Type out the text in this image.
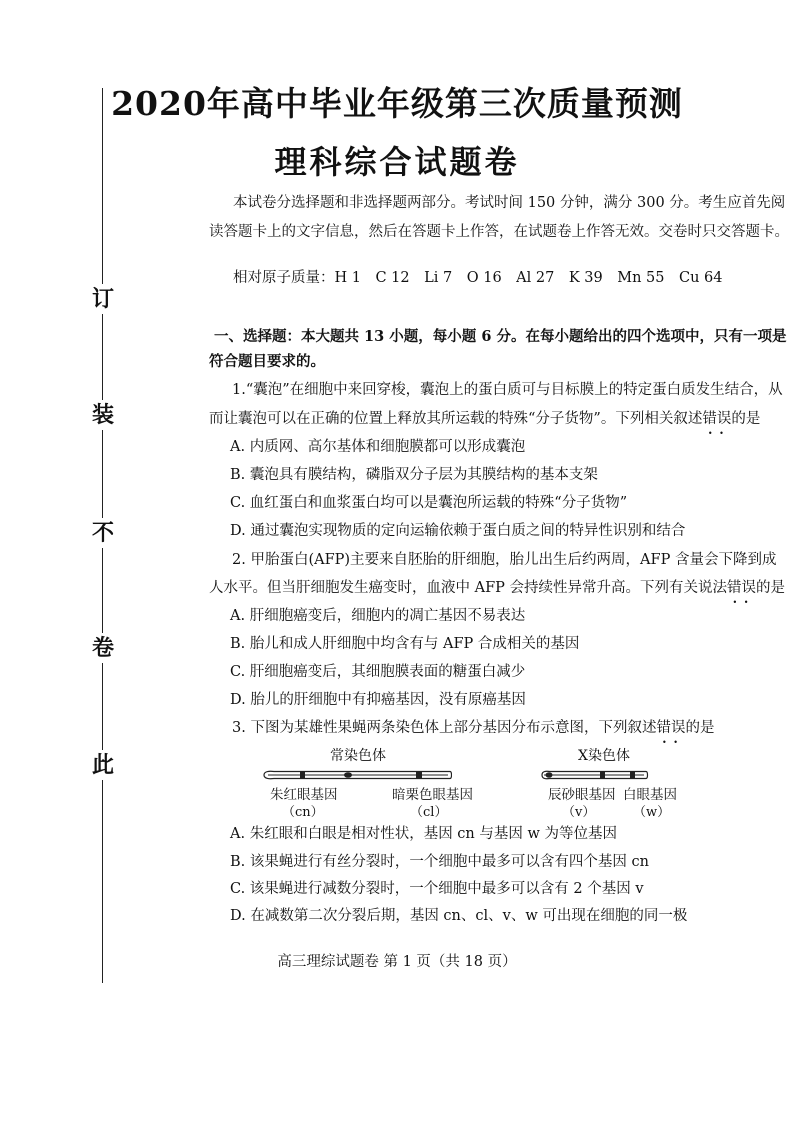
订
装
不
卷
此
2020年高中毕业年级第三次质量预测
理科综合试题卷
本试卷分选择题和非选择题两部分。考试时间 150 分钟，满分 300 分。考生应首先阅
读答题卡上的文字信息，然后在答题卡上作答，在试题卷上作答无效。交卷时只交答题卡。
相对原子质量：H 1　C 12　Li 7　O 16　Al 27　K 39　Mn 55　Cu 64
一、选择题：本大题共 13 小题，每小题 6 分。在每小题给出的四个选项中，只有一项是
符合题目要求的。
1.“囊泡”在细胞中来回穿梭，囊泡上的蛋白质可与目标膜上的特定蛋白质发生结合，从
而让囊泡可以在正确的位置上释放其所运载的特殊“分子货物”。下列相关叙述错误 • •的是
A. 内质网、高尔基体和细胞膜都可以形成囊泡
B. 囊泡具有膜结构，磷脂双分子层为其膜结构的基本支架
C. 血红蛋白和血浆蛋白均可以是囊泡所运载的特殊“分子货物”
D. 通过囊泡实现物质的定向运输依赖于蛋白质之间的特异性识别和结合
2. 甲胎蛋白(AFP)主要来自胚胎的肝细胞，胎儿出生后约两周，AFP 含量会下降到成
人水平。但当肝细胞发生癌变时，血液中 AFP 会持续性异常升高。下列有关说法错误 • •的是
A. 肝细胞癌变后，细胞内的凋亡基因不易表达
B. 胎儿和成人肝细胞中均含有与 AFP 合成相关的基因
C. 肝细胞癌变后，其细胞膜表面的糖蛋白减少
D. 胎儿的肝细胞中有抑癌基因，没有原癌基因
3. 下图为某雄性果蝇两条染色体上部分基因分布示意图，下列叙述错误 • •的是
常染色体	X染色体
朱红眼基因
（cn）
暗栗色眼基因
（cl）
辰砂眼基因
（v）
白眼基因
（w）
A. 朱红眼和白眼是相对性状，基因 cn 与基因 w 为等位基因
B. 该果蝇进行有丝分裂时，一个细胞中最多可以含有四个基因 cn
C. 该果蝇进行减数分裂时，一个细胞中最多可以含有 2 个基因 v
D. 在减数第二次分裂后期，基因 cn、cl、v、w 可出现在细胞的同一极
高三理综试题卷 第 1 页（共 18 页）
